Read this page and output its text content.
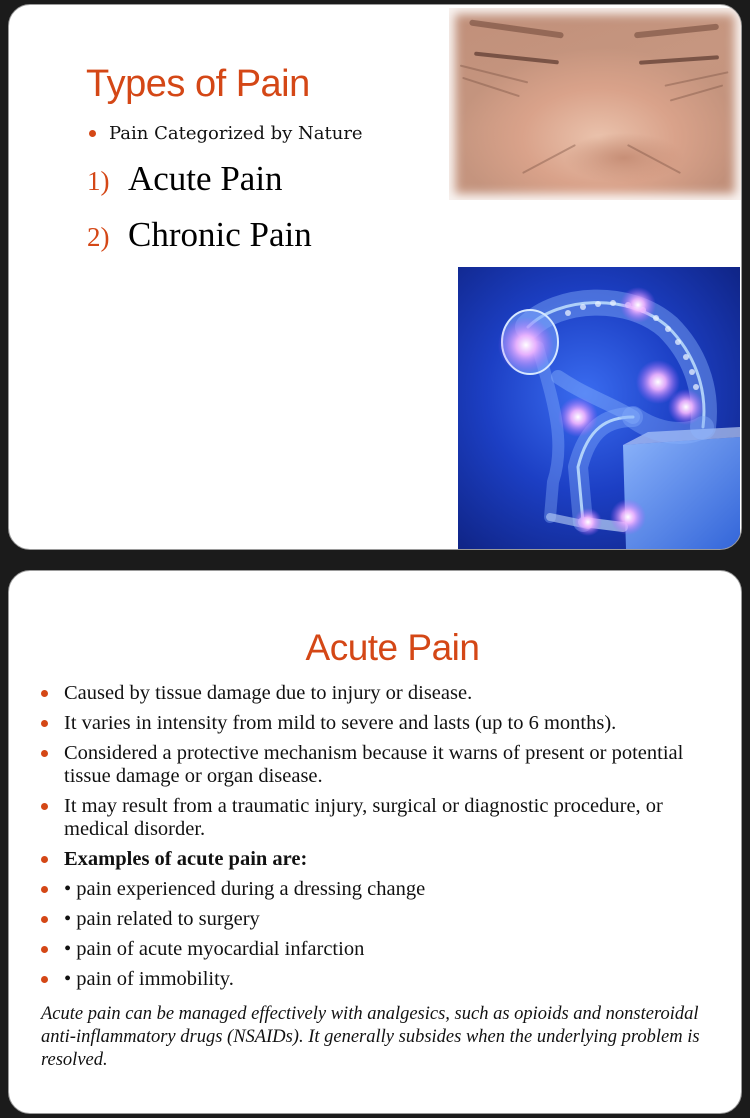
Types of Pain
Pain Categorized by Nature
1) Acute Pain
2) Chronic Pain
Acute Pain
Caused by tissue damage due to injury or disease.
It varies in intensity from mild to severe and lasts (up to 6 months).
Considered a protective mechanism because it warns of present or potential tissue damage or organ disease.
It may result from a traumatic injury, surgical or diagnostic procedure, or medical disorder.
Examples of acute pain are:
• pain experienced during a dressing change
• pain related to surgery
• pain of acute myocardial infarction
• pain of immobility.

Acute pain can be managed effectively with analgesics, such as opioids and nonsteroidal anti-inflammatory drugs (NSAIDs). It generally subsides when the underlying problem is resolved.
